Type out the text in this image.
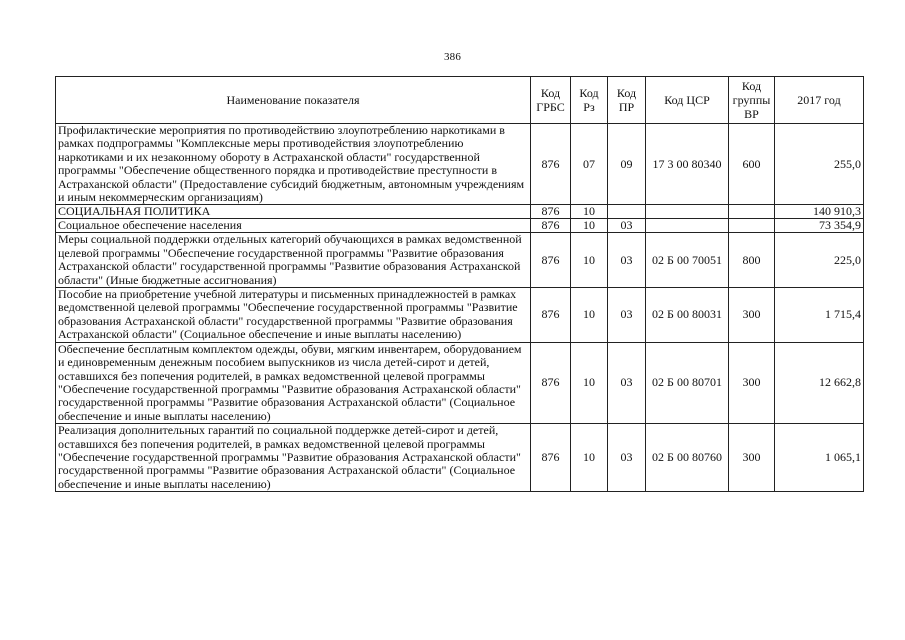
386
Наименование показателя	Код ГРБС	Код Рз	Код ПР	Код ЦСР	Код группы ВР	2017 год
Профилактические мероприятия по противодействию злоупотреблению наркотиками в рамках подпрограммы "Комплексные меры противодействия злоупотреблению наркотиками и их незаконному обороту в Астраханской области" государственной программы "Обеспечение общественного порядка и противодействие преступности в Астраханской области" (Предоставление субсидий бюджетным, автономным учреждениям и иным некоммерческим организациям)	876	07	09	17 3 00 80340	600	255,0
СОЦИАЛЬНАЯ ПОЛИТИКА	876	10				140 910,3
Социальное обеспечение населения	876	10	03			73 354,9
Меры социальной поддержки отдельных категорий обучающихся в рамках ведомственной целевой программы "Обеспечение государственной программы "Развитие образования Астраханской области" государственной программы "Развитие образования Астраханской области" (Иные бюджетные ассигнования)	876	10	03	02 Б 00 70051	800	225,0
Пособие на приобретение учебной литературы и письменных принадлежностей в рамках ведомственной целевой программы "Обеспечение государственной программы "Развитие образования Астраханской области" государственной программы "Развитие образования Астраханской области" (Социальное обеспечение и иные выплаты населению)	876	10	03	02 Б 00 80031	300	1 715,4
Обеспечение бесплатным комплектом одежды, обуви, мягким инвентарем, оборудованием и единовременным денежным пособием выпускников из числа детей-сирот и детей, оставшихся без попечения родителей, в рамках ведомственной целевой программы "Обеспечение государственной программы "Развитие образования Астраханской области" государственной программы "Развитие образования Астраханской области" (Социальное обеспечение и иные выплаты населению)	876	10	03	02 Б 00 80701	300	12 662,8
Реализация дополнительных гарантий по социальной поддержке детей-сирот и детей, оставшихся без попечения родителей, в рамках ведомственной целевой программы "Обеспечение государственной программы "Развитие образования Астраханской области" государственной программы "Развитие образования Астраханской области" (Социальное обеспечение и иные выплаты населению)	876	10	03	02 Б 00 80760	300	1 065,1
